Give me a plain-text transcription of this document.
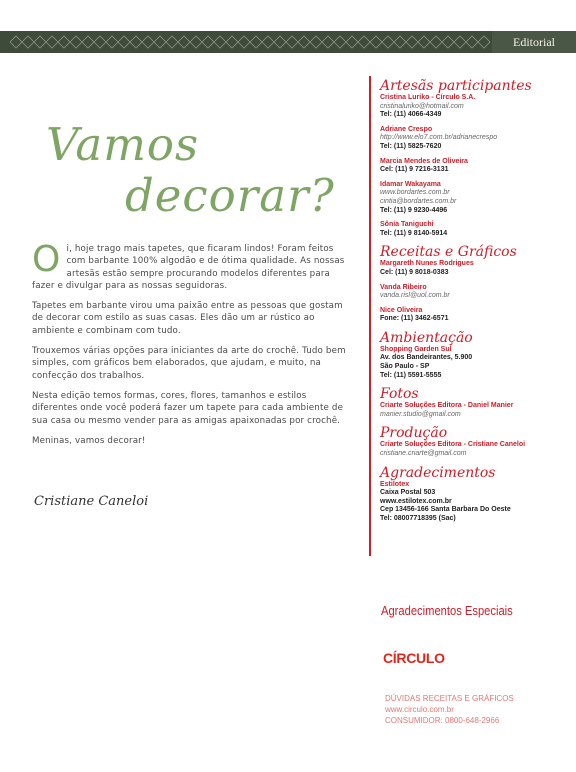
Editorial
Vamos
decorar?

O i, hoje trago mais tapetes, que ficaram lindos! Foram feitos com barbante 100% algodão e de ótima qualidade. As nossas artesãs estão sempre procurando modelos diferentes para fazer e divulgar para as nossas seguidoras.

Tapetes em barbante virou uma paixão entre as pessoas que gostam de decorar com estilo as suas casas. Eles dão um ar rústico ao ambiente e combinam com tudo.

Trouxemos várias opções para iniciantes da arte do crochê. Tudo bem simples, com gráficos bem elaborados, que ajudam, e muito, na confecção dos trabalhos.

Nesta edição temos formas, cores, flores, tamanhos e estilos diferentes onde você poderá fazer um tapete para cada ambiente de sua casa ou mesmo vender para as amigas apaixonadas por crochê.

Meninas, vamos decorar!

Cristiane Caneloi
Artesãs participantes
Cristina Luriko - Círculo S.A.
cristinaluriko@hotmail.com
Tel: (11) 4066-4349
Adriane Crespo
http://www.elo7.com.br/adrianecrespo
Tel: (11) 5825-7620
Marcia Mendes de Oliveira
Cel: (11) 9 7216-3131
Idamar Wakayama
www.bordartes.com.br
cintia@bordartes.com.br
Tel: (11) 9 9230-4496
Sônia Taniguchi
Tel: (11) 9 8140-5914
Receitas e Gráficos
Margareth Nunes Rodrigues
Cel: (11) 9 8018-0383
Vanda Ribeiro
vanda.risl@uol.com.br
Nice Oliveira
Fone: (11) 3462-6571
Ambientação
Shopping Garden Sul
Av. dos Bandeirantes, 5.900
São Paulo - SP
Tel: (11) 5591-5555
Fotos
Criarte Soluções Editora - Daniel Manier
manier.studio@gmail.com
Produção
Criarte Soluções Editora - Cristiane Caneloi
cristiane.criarte@gmail.com
Agradecimentos
Estilotex
Caixa Postal 503
www.estilotex.com.br
Cep 13456-166 Santa Barbara Do Oeste
Tel: 08007718395 (Sac)
Agradecimentos Especiais
CÍRCULO
DÚVIDAS RECEITAS E GRÁFICOS
www.circulo.com.br
CONSUMIDOR: 0800-648-2966
